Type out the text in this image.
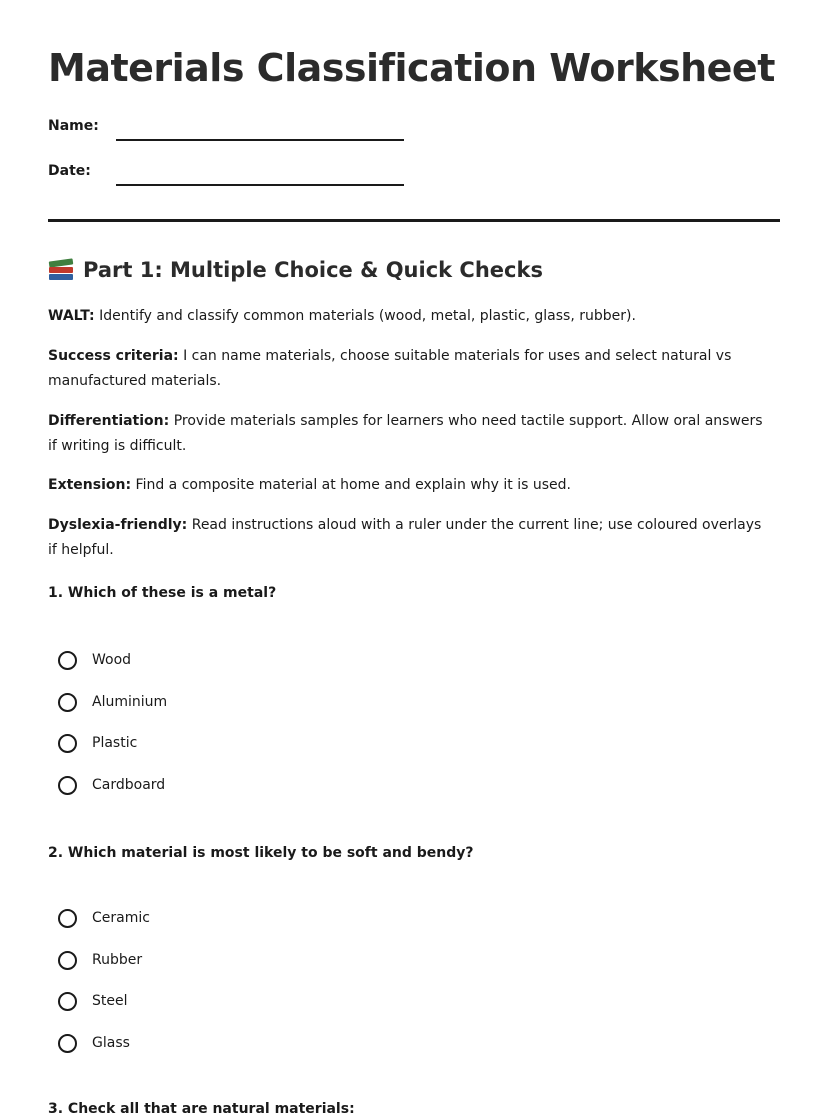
Materials Classification Worksheet
Name:
Date:
Part 1: Multiple Choice & Quick Checks

WALT: Identify and classify common materials (wood, metal, plastic, glass, rubber).

Success criteria: I can name materials, choose suitable materials for uses and select natural vs manufactured materials.

Differentiation: Provide materials samples for learners who need tactile support. Allow oral answers if writing is difficult.

Extension: Find a composite material at home and explain why it is used.

Dyslexia-friendly: Read instructions aloud with a ruler under the current line; use coloured overlays if helpful.

1. Which of these is a metal?

Wood
Aluminium
Plastic
Cardboard

2. Which material is most likely to be soft and bendy?

Ceramic
Rubber
Steel
Glass

3. Check all that are natural materials:
